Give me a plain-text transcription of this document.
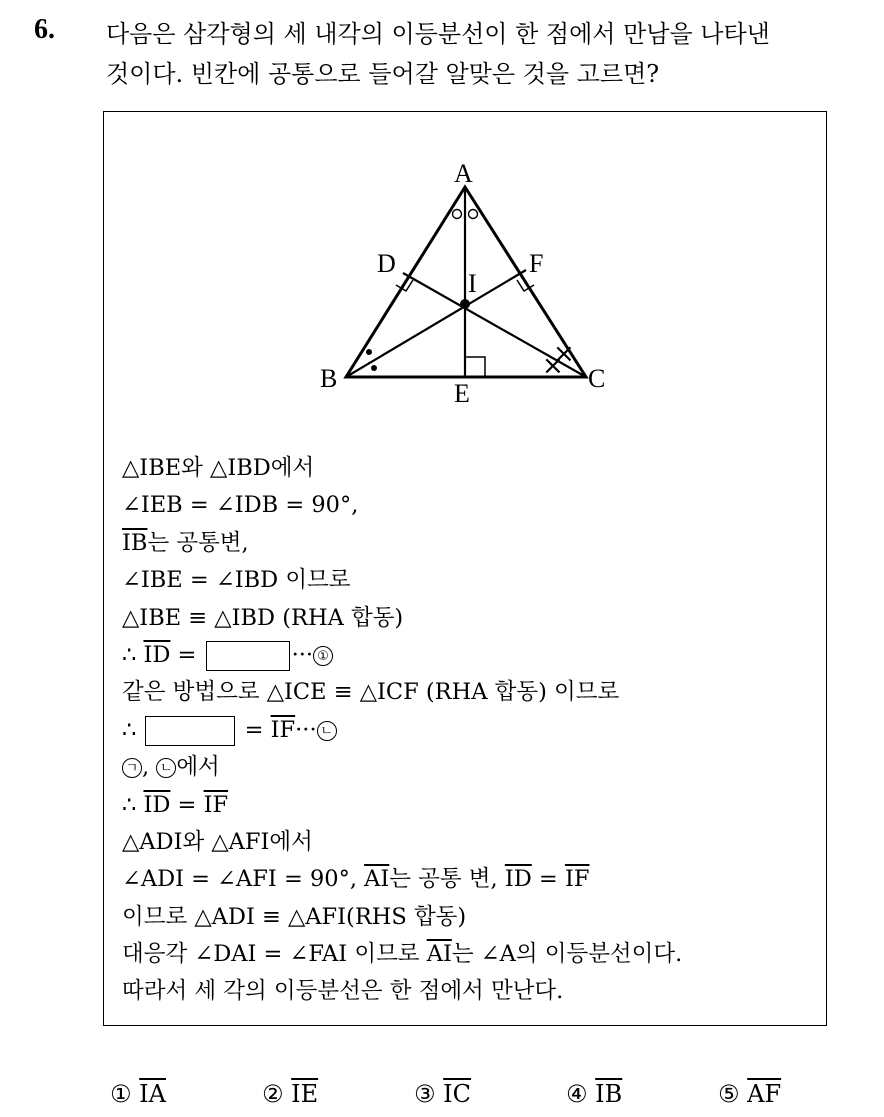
6. 다음은 삼각형의 세 내각의 이등분선이 한 점에서 만남을 나타낸
것이다. 빈칸에 공통으로 들어갈 알맞은 것을 고르면?
×
×
A
B	C
D
E
F
I
△IBE와 △IBD에서
∠IEB = ∠IDB = 90°,
$\overline{IB}$는 공통변,
∠IBE = ∠IBD 이므로
△IBE ≡ △IBD (RHA 합동)
∴ $\overline{ID}$ =	··· ①
같은 방법으로 △ICE ≡ △ICF (RHA 합동) 이므로
∴	= $\overline{IF}\cdot\cdot\cdot$ ㄴ
ㄱ , ㄴ 에서
∴ $\overline{ID} = \overline{IF}$
△ADI와 △AFI에서
∠ADI = ∠AFI = 90°, $\overline{AI}$는 공통 변, $\overline{ID} = \overline{IF}$
이므로 △ADI ≡ △AFI(RHS 합동)
대응각 ∠DAI = ∠FAI 이므로 $\overline{AI}$는 ∠A의 이등분선이다.
따라서 세 각의 이등분선은 한 점에서 만난다.
① $\overline{IA}$	② $\overline{IE}$	③ $\overline{IC}$	④ $\overline{IB}$	⑤ $\overline{AF}$
